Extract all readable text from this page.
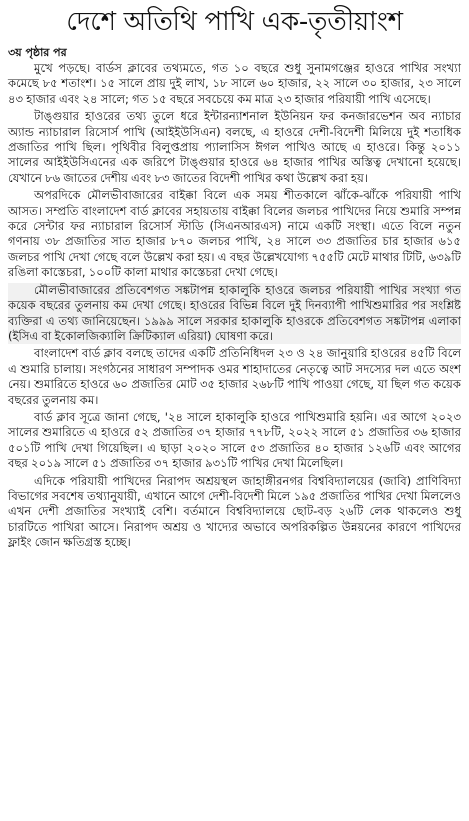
দেশে অতিথি পাখি এক-তৃতীয়াংশ
৩য় পৃষ্ঠার পর

মুখে পড়ছে। বার্ডস ক্লাবের তথ্যমতে, গত ১০ বছরে শুধু সুনামগঞ্জের হাওরে পাখির সংখ্যা কমেছে ৮৫ শতাংশ। ১৫ সালে প্রায় দুই লাখ, ১৮ সালে ৬০ হাজার, ২২ সালে ৩০ হাজার, ২৩ সালে ৪৩ হাজার এবং ২৪ সালে; গত ১৫ বছরে সবচেয়ে কম মাত্র ২৩ হাজার পরিযায়ী পাখি এসেছে।

টাঙ্গুয়ার হাওরের তথ্য তুলে ধরে ইন্টারন্যাশনাল ইউনিয়ন ফর কনজারভেশন অব ন্যাচার অ্যান্ড ন্যাচারাল রিসোর্স পাখি (আইইউসিএন) বলছে, এ হাওরে দেশী-বিদেশী মিলিয়ে দুই শতাধিক প্রজাতির পাখি ছিল। পৃথিবীর বিলুপ্তপ্রায় প্যালাসিস ঈগল পাখিও আছে এ হাওরে। কিন্তু ২০১১ সালের আইইউসিএনের এক জরিপে টাঙ্গুয়ার হাওরে ৬৪ হাজার পাখির অস্তিত্ব দেখানো হয়েছে। যেখানে ৮৬ জাতের দেশীয় এবং ৮৩ জাতের বিদেশী পাখির কথা উল্লেখ করা হয়।

অপরদিকে মৌলভীবাজারের বাইক্কা বিলে এক সময় শীতকালে ঝাঁকে-ঝাঁকে পরিযায়ী পাখি আসত। সম্প্রতি বাংলাদেশ বার্ড ক্লাবের সহায়তায় বাইক্কা বিলের জলচর পাখিদের নিয়ে শুমারি সম্পন্ন করে সেন্টার ফর ন্যাচারাল রিসোর্স স্টাডি (সিএনআরএস) নামে একটি সংস্থা। এতে বিলে নতুন গণনায় ৩৮ প্রজাতির সাত হাজার ৮৭০ জলচর পাখি, ২৪ সালে ৩৩ প্রজাতির চার হাজার ৬১৫ জলচর পাখি দেখা গেছে বলে উল্লেখ করা হয়। এ বছর উল্লেখযোগ্য ৭৫৫টি মেটে মাথার টিটি, ৬৩৯টি রঙিলা কাস্তেচরা, ১০০টি কালা মাথার কাস্তেচরা দেখা গেছে।

মৌলভীবাজারের প্রতিবেশগত সঙ্কটাপন্ন হাকালুকি হাওরে জলচর পরিযায়ী পাখির সংখ্যা গত কয়েক বছরের তুলনায় কম দেখা গেছে। হাওরের বিভিন্ন বিলে দুই দিনব্যাপী পাখিশুমারির পর সংশ্লিষ্ট ব্যক্তিরা এ তথ্য জানিয়েছেন। ১৯৯৯ সালে সরকার হাকালুকি হাওরকে প্রতিবেশগত সঙ্কটাপন্ন এলাকা (ইসিএ বা ইকোলজিক্যালি ক্রিটিক্যাল এরিয়া) ঘোষণা করে।

বাংলাদেশ বার্ড ক্লাব বলছে তাদের একটি প্রতিনিধিদল ২৩ ও ২৪ জানুয়ারি হাওরের ৪৫টি বিলে এ শুমারি চালায়। সংগঠনের সাধারণ সম্পাদক ওমর শাহাদাতের নেতৃত্বে আট সদস্যের দল এতে অংশ নেয়। শুমারিতে হাওরে ৬০ প্রজাতির মোট ৩৫ হাজার ২৬৮টি পাখি পাওয়া গেছে, যা ছিল গত কয়েক বছরের তুলনায় কম।

বার্ড ক্লাব সূত্রে জানা গেছে, '২৪ সালে হাকালুকি হাওরে পাখিশুমারি হয়নি। এর আগে ২০২৩ সালের শুমারিতে এ হাওরে ৫২ প্রজাতির ৩৭ হাজার ৭৭৮টি, ২০২২ সালে ৫১ প্রজাতির ৩৬ হাজার ৫০১টি পাখি দেখা গিয়েছিল। এ ছাড়া ২০২০ সালে ৫৩ প্রজাতির ৪০ হাজার ১২৬টি এবং আগের বছর ২০১৯ সালে ৫১ প্রজাতির ৩৭ হাজার ৯৩১টি পাখির দেখা মিলেছিল।

এদিকে পরিযায়ী পাখিদের নিরাপদ অশ্রয়স্থল জাহাঙ্গীরনগর বিশ্ববিদ্যালয়ের (জাবি) প্রাণিবিদ্যা বিভাগের সবশেষ তথ্যানুযায়ী, এখানে আগে দেশী-বিদেশী মিলে ১৯৫ প্রজাতির পাখির দেখা মিললেও এখন দেশী প্রজাতির সংখ্যাই বেশি। বর্তমানে বিশ্ববিদ্যালয়ে ছোট-বড় ২৬টি লেক থাকলেও শুধু চারটিতে পাখিরা আসে। নিরাপদ অশ্রয় ও খাদ্যের অভাবে অপরিকল্পিত উন্নয়নের কারণে পাখিদের ফ্লাইং জোন ক্ষতিগ্রস্ত হচ্ছে।
